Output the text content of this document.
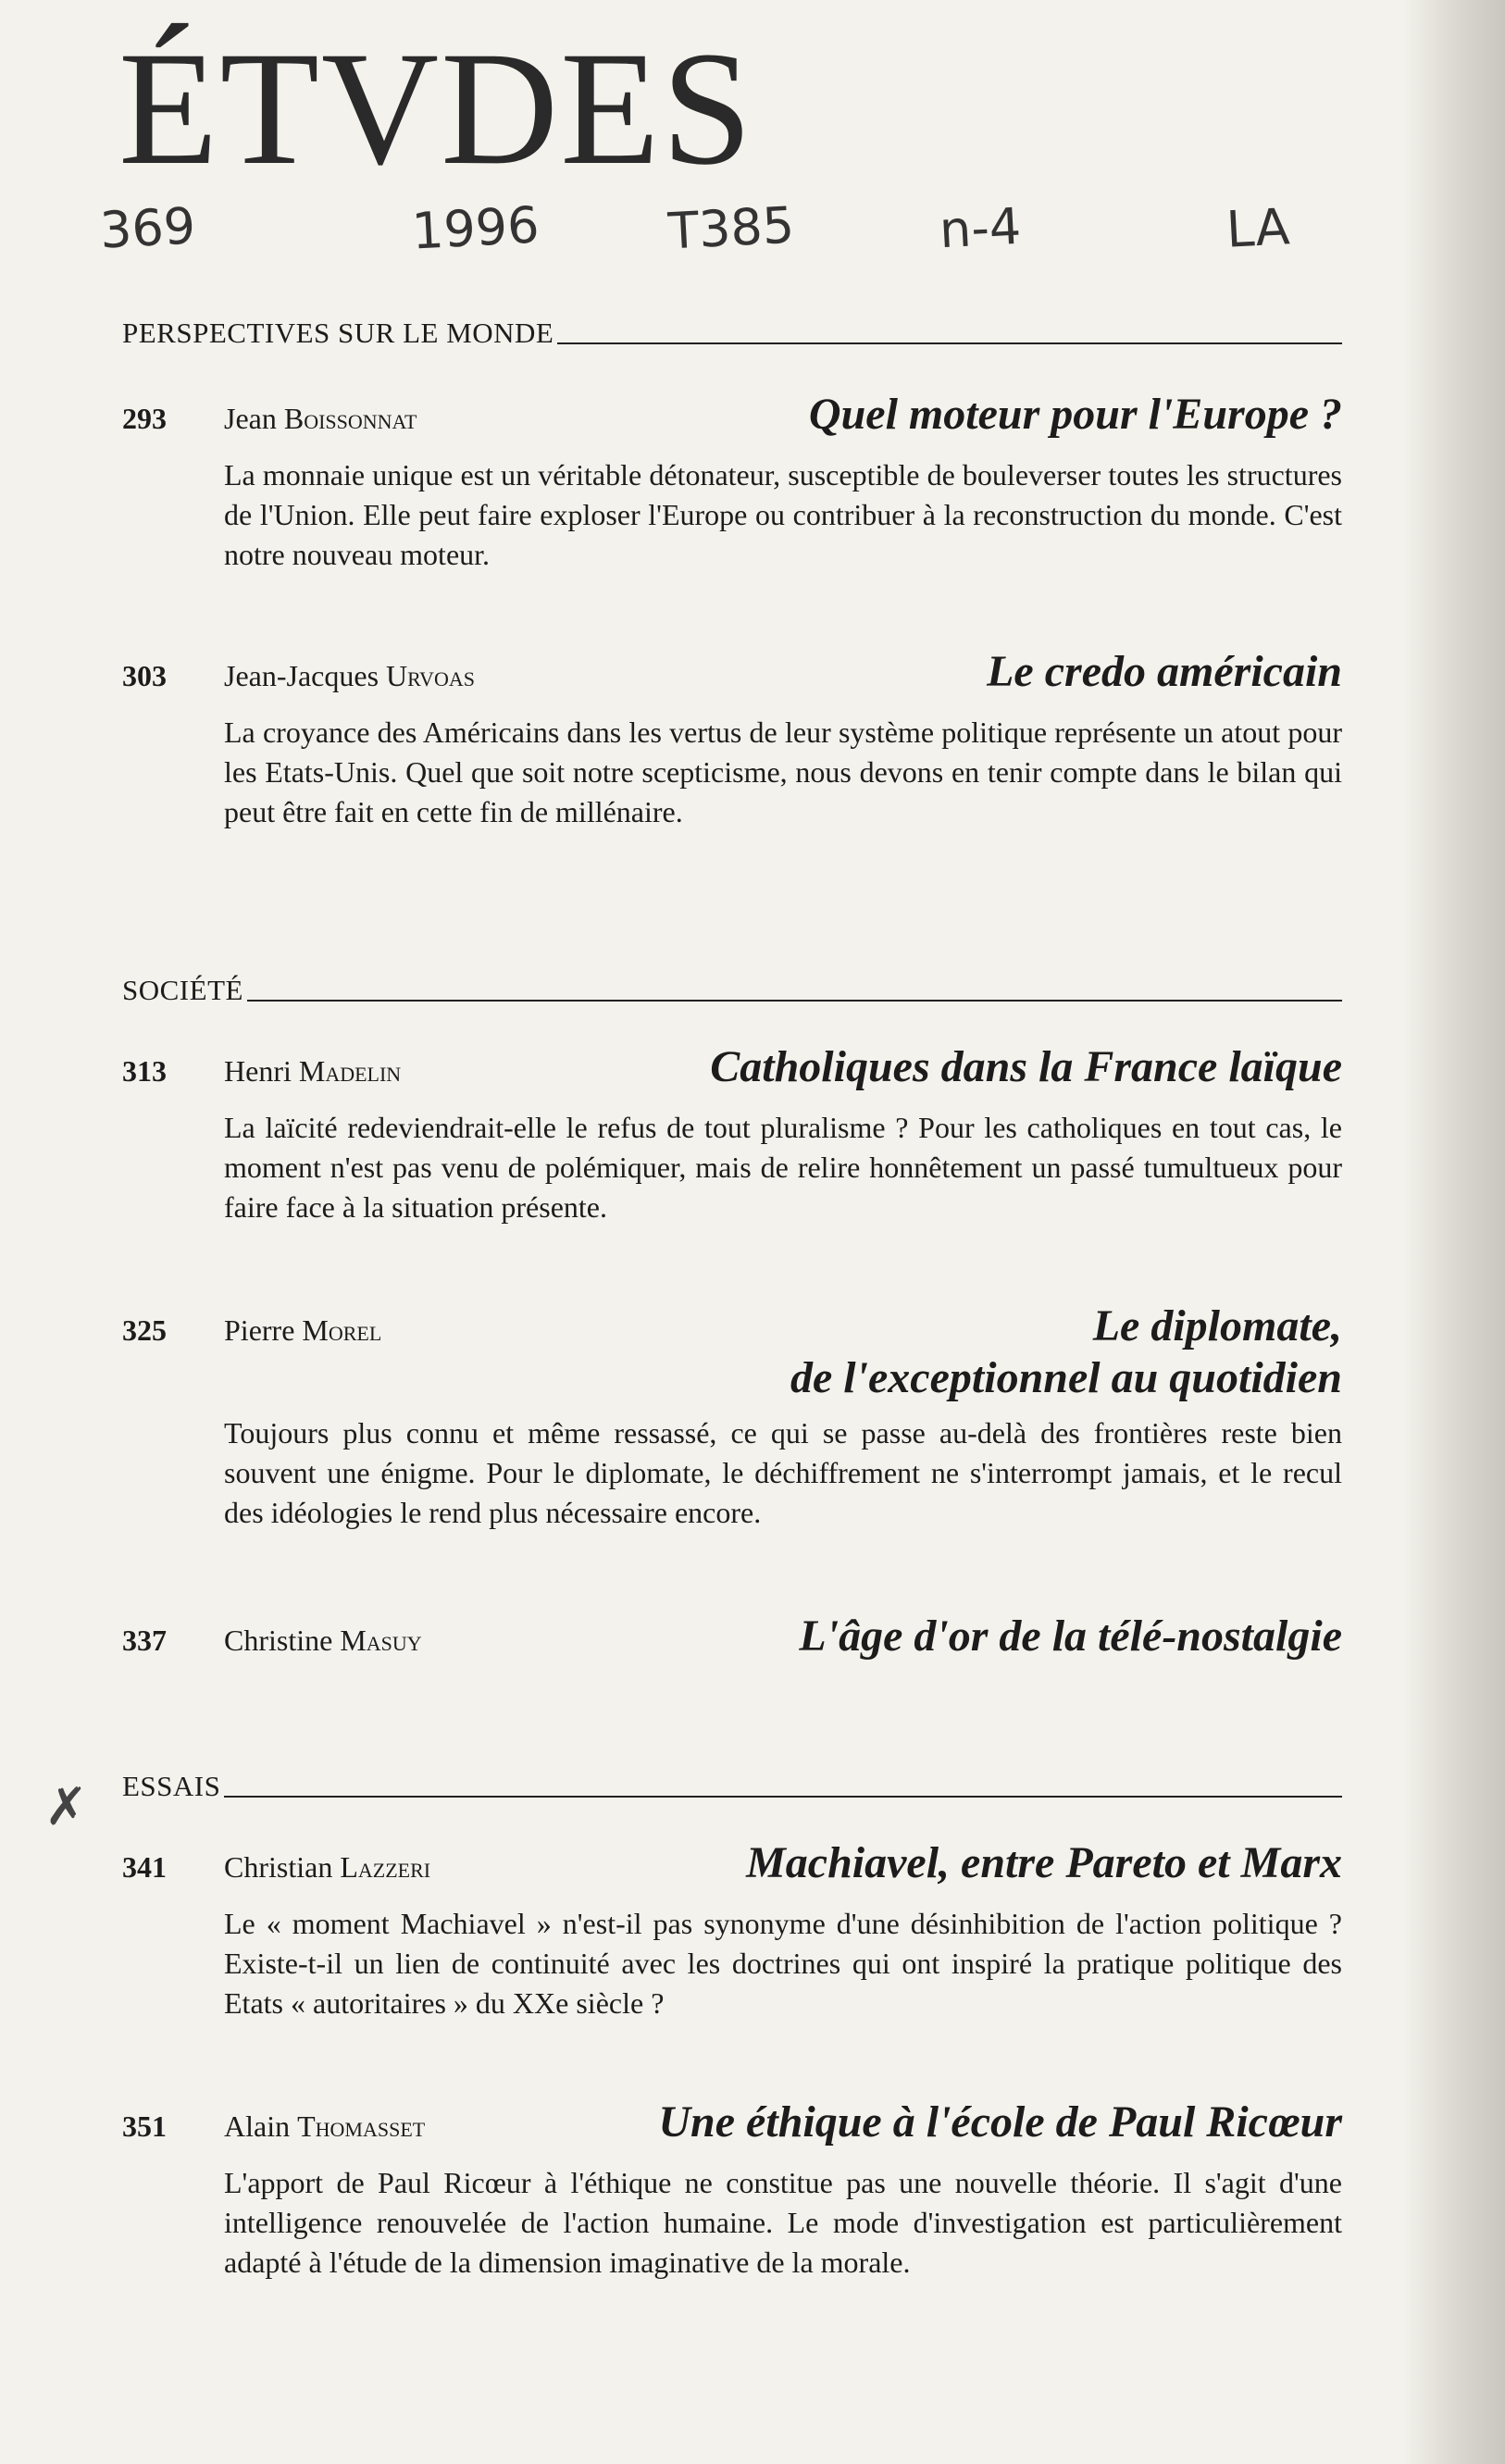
ÉTVDES
369	1996	T385	n-4	LA
PERSPECTIVES SUR LE MONDE
293	Jean Boissonnat	Quel moteur pour l'Europe ?
La monnaie unique est un véritable détonateur, susceptible de bouleverser toutes les structures de l'Union. Elle peut faire exploser l'Europe ou contribuer à la reconstruction du monde. C'est notre nouveau moteur.
303	Jean-Jacques Urvoas	Le credo américain
La croyance des Américains dans les vertus de leur système politique représente un atout pour les Etats-Unis. Quel que soit notre scepticisme, nous devons en tenir compte dans le bilan qui peut être fait en cette fin de millénaire.
SOCIÉTÉ
313	Henri Madelin	Catholiques dans la France laïque
La laïcité redeviendrait-elle le refus de tout pluralisme ? Pour les catholiques en tout cas, le moment n'est pas venu de polémiquer, mais de relire honnêtement un passé tumultueux pour faire face à la situation présente.
325	Pierre Morel	Le diplomate,
de l'exceptionnel au quotidien
Toujours plus connu et même ressassé, ce qui se passe au-delà des frontières reste bien souvent une énigme. Pour le diplomate, le déchiffrement ne s'interrompt jamais, et le recul des idéologies le rend plus nécessaire encore.
337	Christine Masuy	L'âge d'or de la télé-nostalgie
✗ ESSAIS
341	Christian Lazzeri	Machiavel, entre Pareto et Marx
Le « moment Machiavel » n'est-il pas synonyme d'une désinhibition de l'action politique ? Existe-t-il un lien de continuité avec les doctrines qui ont inspiré la pratique politique des Etats « autoritaires » du XXe siècle ?
351	Alain Thomasset	Une éthique à l'école de Paul Ricœur
L'apport de Paul Ricœur à l'éthique ne constitue pas une nouvelle théorie. Il s'agit d'une intelligence renouvelée de l'action humaine. Le mode d'investigation est particulièrement adapté à l'étude de la dimension imaginative de la morale.
